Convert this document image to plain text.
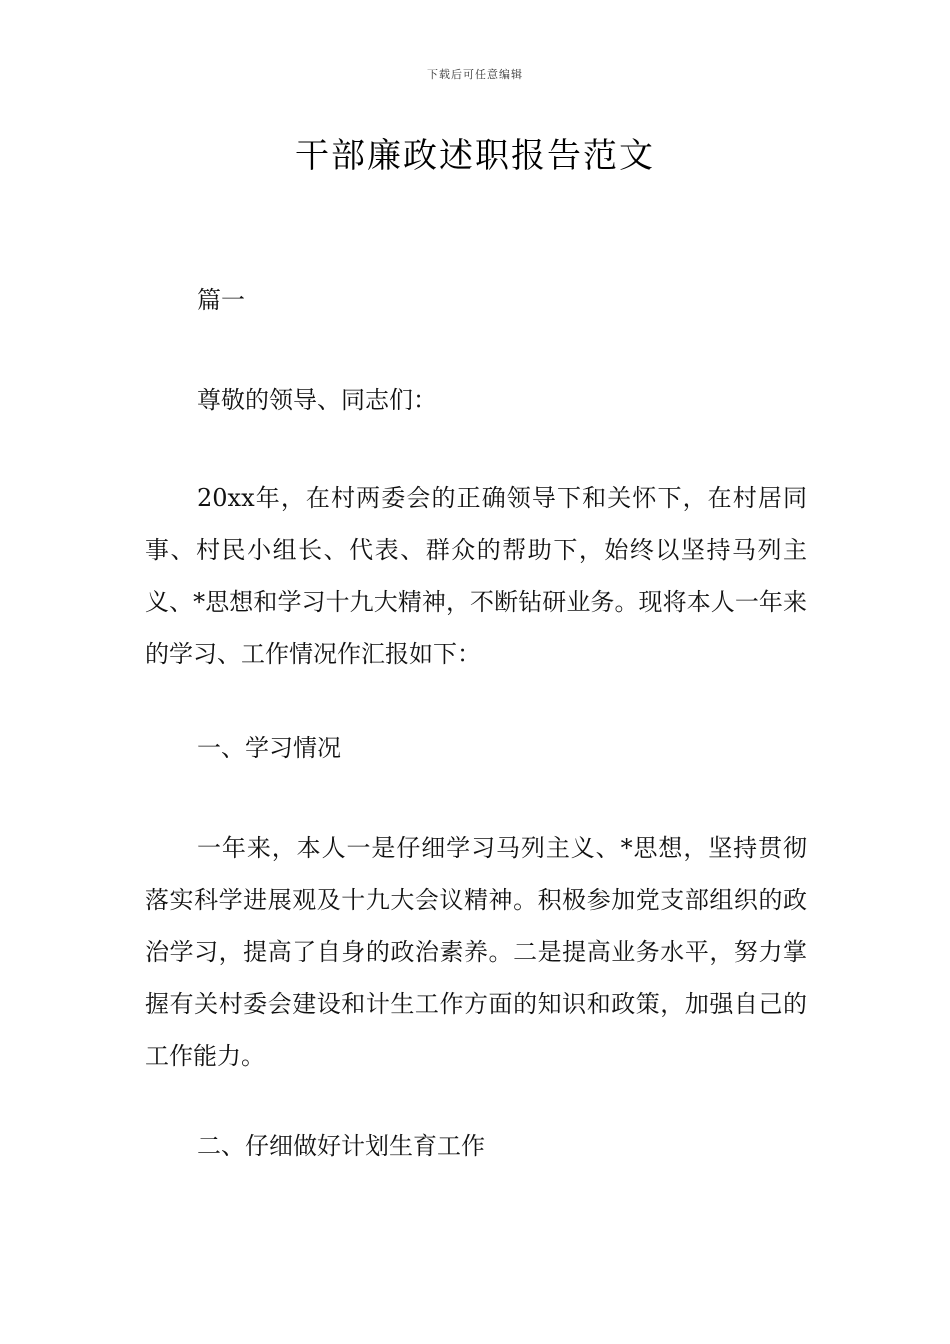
下载后可任意编辑
干部廉政述职报告范文

篇一

尊敬的领导、同志们：

20xx年，在村两委会的正确领导下和关怀下，在村居同事、村民小组长、代表、群众的帮助下，始终以坚持马列主义、*思想和学习十九大精神，不断钻研业务。现将本人一年来的学习、工作情况作汇报如下：

一、学习情况

一年来，本人一是仔细学习马列主义、*思想，坚持贯彻落实科学进展观及十九大会议精神。积极参加党支部组织的政治学习，提高了自身的政治素养。二是提高业务水平，努力掌握有关村委会建设和计生工作方面的知识和政策，加强自己的工作能力。

二、仔细做好计划生育工作
